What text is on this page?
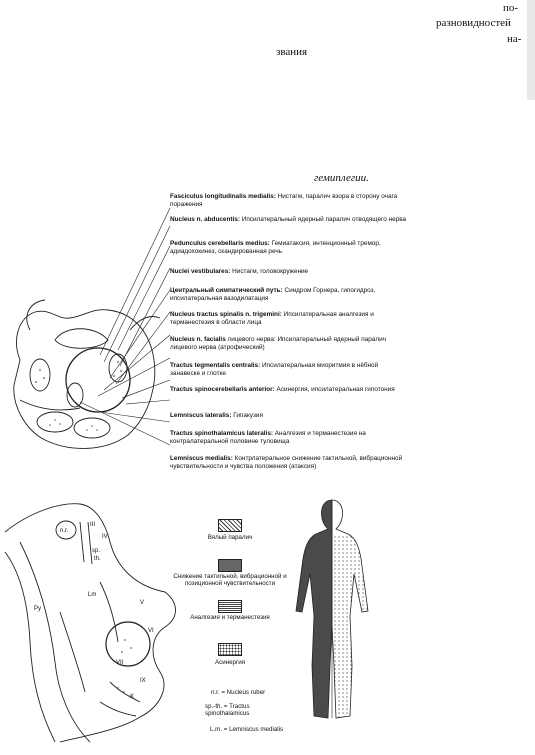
по-
разновидностей
на-
звания
гемиплегии.
Fasciculus longitudinalis medialis: Нистагм, паралич взора в сторону очага поражения
Nucleus n. abducentis: Ипсилатеральный ядерный паралич отводящего нерва
Pedunculus cerebellaris medius: Гемиатаксия, интенционный тремор, адиадохокинез, скандированная речь
Nuclei vestibulares: Нистагм, головокружение
Центральный симпатический путь: Синдром Горнера, гипогидроз, ипсилатеральная вазодилатация
Nucleus tractus spinalis n. trigemini: Ипсилатеральная аналгезия и терманестезия в области лица
Nucleus n. facialis лицевого нерва: Ипсилатеральный ядерный паралич лицевого нерва (атрофический)
Tractus tegmentalis centralis: Ипсилатеральная миоритмия в нёбной занавеске и глотке
Tractus spinocerebellaris anterior: Асинергия, ипсилатеральная гипотония
Lemniscus lateralis: Гипакузия
Tractus spinothalamicus lateralis: Аналгезия и терманестезия на контралатеральной половине туловища
Lemniscus medialis: Контрлатеральное снижение тактильной, вибрационной чувствительности и чувства положения (атаксия)
n.r.
sp.
th.
Lm
Py
III
IV
V
VI
VII
IX
X
Вялый паралич
Снижение тактильной, вибрационной и позиционной чувствительности
Аналгезия и терманестезия
Асинергия
n.r. = Nucleus ruber
sp.-th. = Tractus spinothalamicus
L.m. = Lemniscus medialis
